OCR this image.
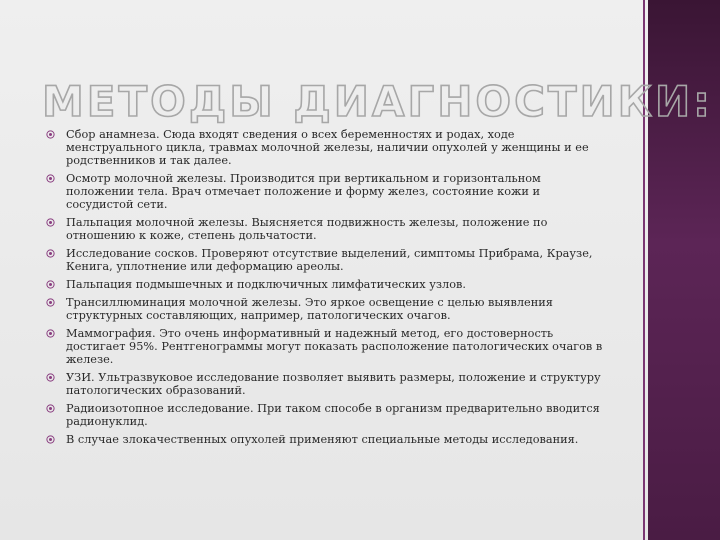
МЕТОДЫ ДИАГНОСТИКИ:
Сбор анамнеза. Сюда входят сведения о всех беременностях и родах, ходе менструального цикла, травмах молочной железы, наличии опухолей у женщины и ее родственников и так далее.
Осмотр молочной железы. Производится при вертикальном и горизонтальном положении тела. Врач отмечает положение и форму желез, состояние кожи и сосудистой сети.
Пальпация молочной железы. Выясняется подвижность железы, положение по отношению к коже, степень дольчатости.
Исследование сосков. Проверяют отсутствие выделений, симптомы Прибрама, Краузе, Кенига, уплотнение или деформацию ареолы.
Пальпация подмышечных и подключичных лимфатических узлов.
Трансиллюминация молочной железы. Это яркое освещение с целью выявления структурных составляющих, например, патологических очагов.
Маммография. Это очень информативный и надежный метод, его достоверность достигает 95%. Рентгенограммы могут показать расположение патологических очагов в железе.
УЗИ. Ультразвуковое исследование позволяет выявить размеры, положение и структуру патологических образований.
Радиоизотопное исследование. При таком способе в организм предварительно вводится радионуклид.
В случае злокачественных опухолей применяют специальные методы исследования.
